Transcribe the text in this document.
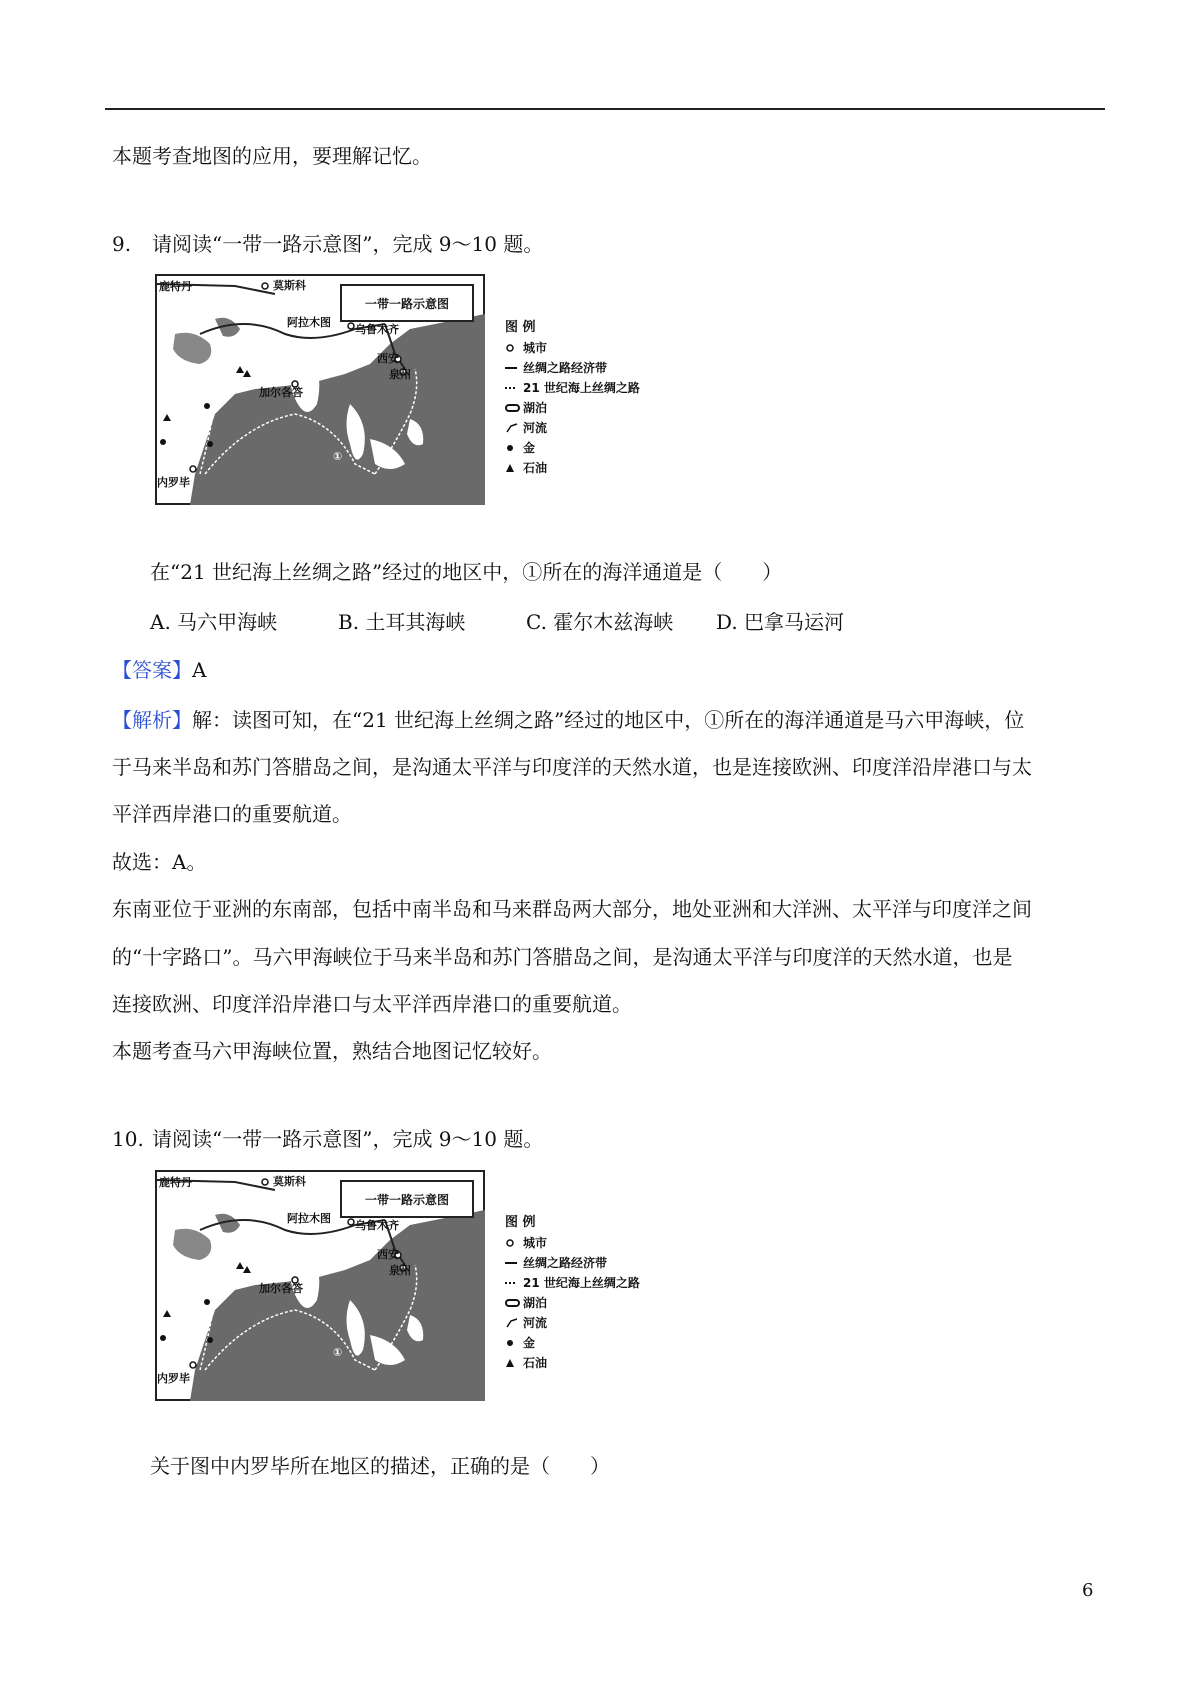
本题考查地图的应用，要理解记忆。
9. 请阅读“一带一路示意图”，完成 9～10 题。
一带一路示意图
鹿特丹	莫斯科
阿拉木图
乌鲁木齐
西安
泉州
加尔各答
内罗毕
①
图 例
城市
丝绸之路经济带
21 世纪海上丝绸之路
湖泊
河流
金
石油
在“21 世纪海上丝绸之路”经过的地区中，①所在的海洋通道是（　　）
A. 马六甲海峡	B. 土耳其海峡	C. 霍尔木兹海峡 D. 巴拿马运河
【答案】A
【解析】解：读图可知，在“21 世纪海上丝绸之路”经过的地区中，①所在的海洋通道是马六甲海峡，位
于马来半岛和苏门答腊岛之间，是沟通太平洋与印度洋的天然水道，也是连接欧洲、印度洋沿岸港口与太
平洋西岸港口的重要航道。
故选：A。
东南亚位于亚洲的东南部，包括中南半岛和马来群岛两大部分，地处亚洲和大洋洲、太平洋与印度洋之间
的“十字路口”。马六甲海峡位于马来半岛和苏门答腊岛之间，是沟通太平洋与印度洋的天然水道，也是
连接欧洲、印度洋沿岸港口与太平洋西岸港口的重要航道。
本题考查马六甲海峡位置，熟结合地图记忆较好。
10. 请阅读“一带一路示意图”，完成 9～10 题。
一带一路示意图
鹿特丹	莫斯科
阿拉木图
乌鲁木齐
西安
泉州
加尔各答
内罗毕
①
图 例
城市
丝绸之路经济带
21 世纪海上丝绸之路
湖泊
河流
金
石油
关于图中内罗毕所在地区的描述，正确的是（　　）
6
